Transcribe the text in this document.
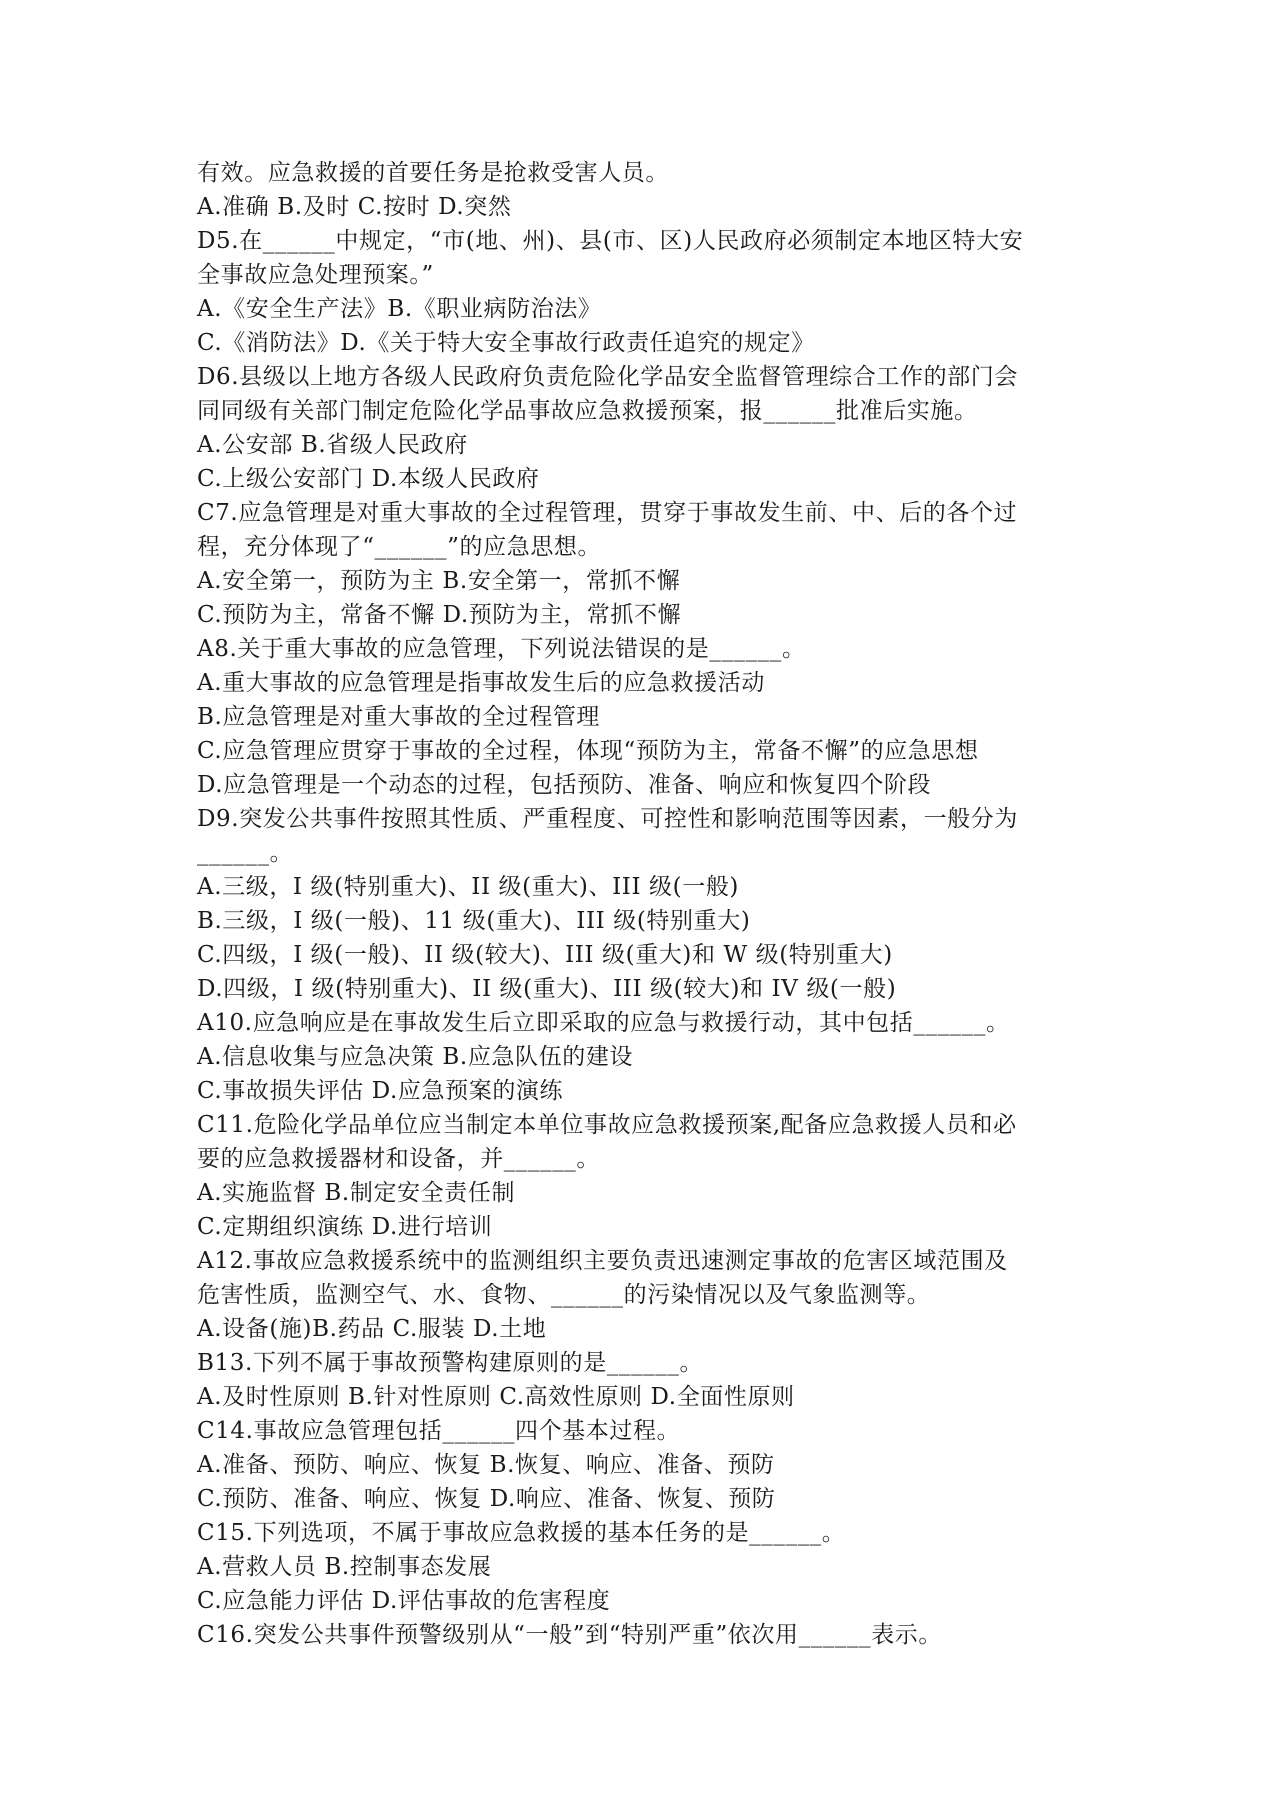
有效。应急救援的首要任务是抢救受害人员。
A.准确 B.及时 C.按时 D.突然
D5.在______中规定，“市(地、州)、县(市、区)人民政府必须制定本地区特大安
全事故应急处理预案。”
A.《安全生产法》B.《职业病防治法》
C.《消防法》D.《关于特大安全事故行政责任追究的规定》
D6.县级以上地方各级人民政府负责危险化学品安全监督管理综合工作的部门会
同同级有关部门制定危险化学品事故应急救援预案，报______批准后实施。
A.公安部 B.省级人民政府
C.上级公安部门 D.本级人民政府
C7.应急管理是对重大事故的全过程管理，贯穿于事故发生前、中、后的各个过
程，充分体现了“______”的应急思想。
A.安全第一，预防为主 B.安全第一，常抓不懈
C.预防为主，常备不懈 D.预防为主，常抓不懈
A8.关于重大事故的应急管理，下列说法错误的是______。
A.重大事故的应急管理是指事故发生后的应急救援活动
B.应急管理是对重大事故的全过程管理
C.应急管理应贯穿于事故的全过程，体现“预防为主，常备不懈”的应急思想
D.应急管理是一个动态的过程，包括预防、准备、响应和恢复四个阶段
D9.突发公共事件按照其性质、严重程度、可控性和影响范围等因素，一般分为
______。
A.三级，I 级(特别重大)、II 级(重大)、III 级(一般)
B.三级，I 级(一般)、11 级(重大)、III 级(特别重大)
C.四级，I 级(一般)、II 级(较大)、III 级(重大)和 W 级(特别重大)
D.四级，I 级(特别重大)、II 级(重大)、III 级(较大)和 IV 级(一般)
A10.应急响应是在事故发生后立即采取的应急与救援行动，其中包括______。
A.信息收集与应急决策 B.应急队伍的建设
C.事故损失评估 D.应急预案的演练
C11.危险化学品单位应当制定本单位事故应急救援预案,配备应急救援人员和必
要的应急救援器材和设备，并______。
A.实施监督 B.制定安全责任制
C.定期组织演练 D.进行培训
A12.事故应急救援系统中的监测组织主要负责迅速测定事故的危害区域范围及
危害性质，监测空气、水、食物、______的污染情况以及气象监测等。
A.设备(施)B.药品 C.服装 D.土地
B13.下列不属于事故预警构建原则的是______。
A.及时性原则 B.针对性原则 C.高效性原则 D.全面性原则
C14.事故应急管理包括______四个基本过程。
A.准备、预防、响应、恢复 B.恢复、响应、准备、预防
C.预防、准备、响应、恢复 D.响应、准备、恢复、预防
C15.下列选项，不属于事故应急救援的基本任务的是______。
A.营救人员 B.控制事态发展
C.应急能力评估 D.评估事故的危害程度
C16.突发公共事件预警级别从“一般”到“特别严重”依次用______表示。
